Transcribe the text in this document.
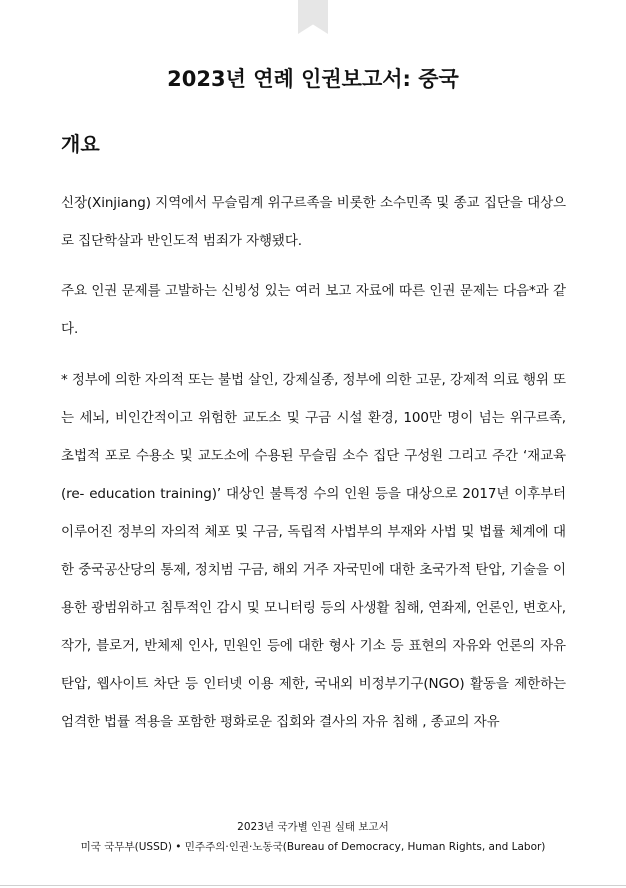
2023년 연례 인권보고서: 중국
개요

신장(Xinjiang) 지역에서 무슬림계 위구르족을 비롯한 소수민족 및 종교 집단을 대상으로 집단학살과 반인도적 범죄가 자행됐다.

주요 인권 문제를 고발하는 신빙성 있는 여러 보고 자료에 따른 인권 문제는 다음*과 같다.

* 정부에 의한 자의적 또는 불법 살인, 강제실종, 정부에 의한 고문, 강제적 의료 행위 또는 세뇌, 비인간적이고 위험한 교도소 및 구금 시설 환경, 100만 명이 넘는 위구르족, 초법적 포로 수용소 및 교도소에 수용된 무슬림 소수 집단 구성원 그리고 주간 ‘재교육(re- education training)’ 대상인 불특정 수의 인원 등을 대상으로 2017년 이후부터 이루어진 정부의 자의적 체포 및 구금, 독립적 사법부의 부재와 사법 및 법률 체계에 대한 중국공산당의 통제, 정치범 구금, 해외 거주 자국민에 대한 초국가적 탄압, 기술을 이용한 광범위하고 침투적인 감시 및 모니터링 등의 사생활 침해, 연좌제, 언론인, 변호사, 작가, 블로거, 반체제 인사, 민원인 등에 대한 형사 기소 등 표현의 자유와 언론의 자유 탄압, 웹사이트 차단 등 인터넷 이용 제한, 국내외 비정부기구(NGO) 활동을 제한하는 엄격한 법률 적용을 포함한 평화로운 집회와 결사의 자유 침해 , 종교의 자유

2023년 국가별 인권 실태 보고서
미국 국무부(USSD) • 민주주의·인권·노동국(Bureau of Democracy, Human Rights, and Labor)
